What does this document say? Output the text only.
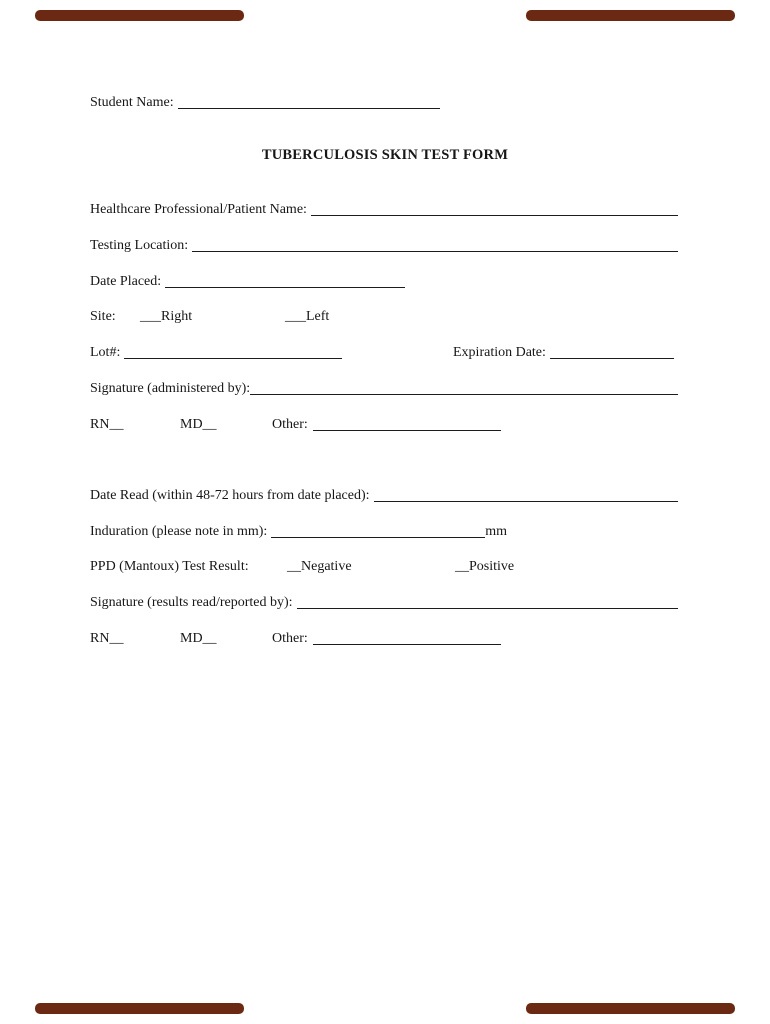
Student Name:
TUBERCULOSIS SKIN TEST FORM
Healthcare Professional/Patient Name:
Testing Location:
Date Placed:
Site: ___Right	___Left
Lot#:	Expiration Date:
Signature (administered by):
RN__	MD__	Other:
Date Read (within 48-72 hours from date placed):
Induration (please note in mm):	mm
PPD (Mantoux) Test Result:	__Negative	__Positive
Signature (results read/reported by):
RN__	MD__	Other:
